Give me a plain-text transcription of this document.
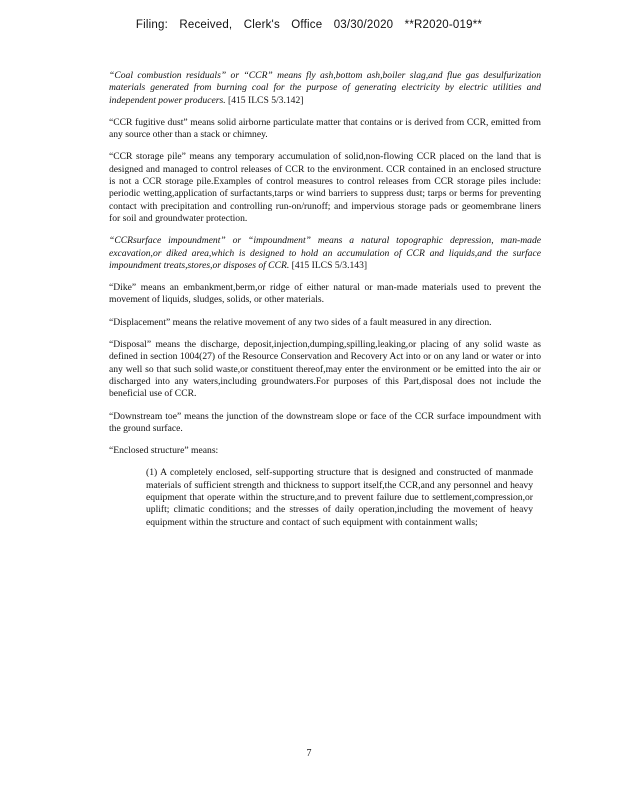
Filing: Received, Clerk's Office 03/30/2020 **R2020-019**

“Coal combustion residuals” or “CCR” means fly ash,bottom ash,boiler slag,and flue gas desulfurization materials generated from burning coal for the purpose of generating electricity by electric utilities and independent power producers. [415 ILCS 5/3.142]

“CCR fugitive dust” means solid airborne particulate matter that contains or is derived from CCR, emitted from any source other than a stack or chimney.

“CCR storage pile” means any temporary accumulation of solid,non-flowing CCR placed on the land that is designed and managed to control releases of CCR to the environment. CCR contained in an enclosed structure is not a CCR storage pile.Examples of control measures to control releases from CCR storage piles include: periodic wetting,application of surfactants,tarps or wind barriers to suppress dust; tarps or berms for preventing contact with precipitation and controlling run-on/runoff; and impervious storage pads or geomembrane liners for soil and groundwater protection.

“CCRsurface impoundment” or “impoundment” means a natural topographic depression, man-made excavation,or diked area,which is designed to hold an accumulation of CCR and liquids,and the surface impoundment treats,stores,or disposes of CCR. [415 ILCS 5/3.143]

“Dike” means an embankment,berm,or ridge of either natural or man-made materials used to prevent the movement of liquids, sludges, solids, or other materials.

“Displacement” means the relative movement of any two sides of a fault measured in any direction.

“Disposal” means the discharge, deposit,injection,dumping,spilling,leaking,or placing of any solid waste as defined in section 1004(27) of the Resource Conservation and Recovery Act into or on any land or water or into any well so that such solid waste,or constituent thereof,may enter the environment or be emitted into the air or discharged into any waters,including groundwaters.For purposes of this Part,disposal does not include the beneficial use of CCR.

“Downstream toe” means the junction of the downstream slope or face of the CCR surface impoundment with the ground surface.

“Enclosed structure” means:

(1) A completely enclosed, self-supporting structure that is designed and constructed of manmade materials of sufficient strength and thickness to support itself,the CCR,and any personnel and heavy equipment that operate within the structure,and to prevent failure due to settlement,compression,or uplift; climatic conditions; and the stresses of daily operation,including the movement of heavy equipment within the structure and contact of such equipment with containment walls;

7
